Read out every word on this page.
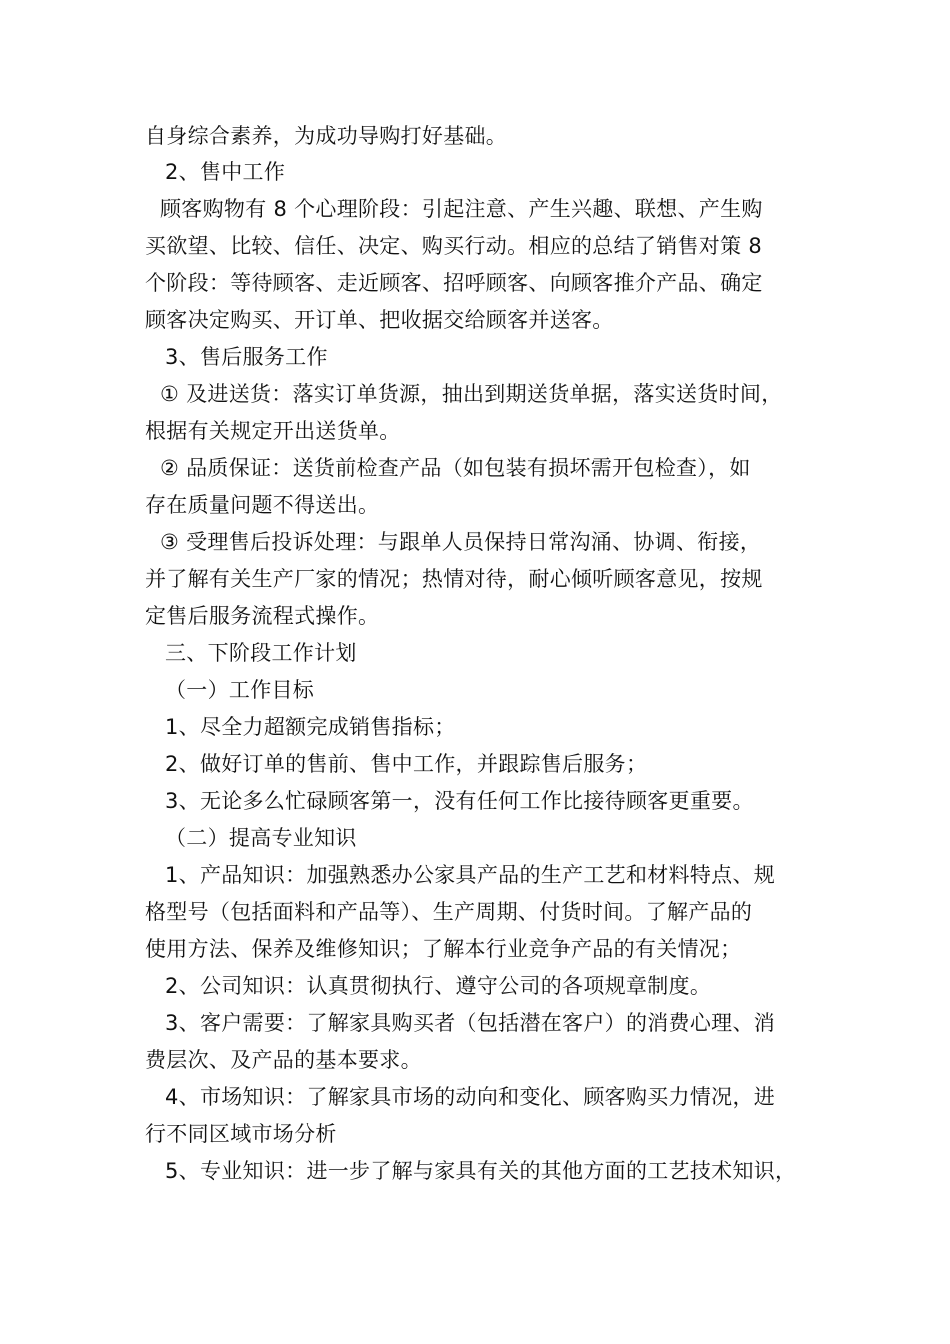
自身综合素养，为成功导购打好基础。
2、售中工作
顾客购物有 8 个心理阶段：引起注意、产生兴趣、联想、产生购
买欲望、比较、信任、决定、购买行动。相应的总结了销售对策 8
个阶段：等待顾客、走近顾客、招呼顾客、向顾客推介产品、确定
顾客决定购买、开订单、把收据交给顾客并送客。
3、售后服务工作
① 及进送货：落实订单货源，抽出到期送货单据，落实送货时间，
根据有关规定开出送货单。
② 品质保证：送货前检查产品（如包装有损坏需开包检查），如
存在质量问题不得送出。
③ 受理售后投诉处理：与跟单人员保持日常沟涌、协调、衔接，
并了解有关生产厂家的情况；热情对待，耐心倾听顾客意见，按规
定售后服务流程式操作。
三、下阶段工作计划
（一）工作目标
1、尽全力超额完成销售指标；
2、做好订单的售前、售中工作，并跟踪售后服务；
3、无论多么忙碌顾客第一，没有任何工作比接待顾客更重要。
（二）提高专业知识
1、产品知识：加强熟悉办公家具产品的生产工艺和材料特点、规
格型号（包括面料和产品等）、生产周期、付货时间。了解产品的
使用方法、保养及维修知识；了解本行业竞争产品的有关情况；
2、公司知识：认真贯彻执行、遵守公司的各项规章制度。
3、客户需要：了解家具购买者（包括潜在客户）的消费心理、消
费层次、及产品的基本要求。
4、市场知识：了解家具市场的动向和变化、顾客购买力情况，进
行不同区域市场分析
5、专业知识：进一步了解与家具有关的其他方面的工艺技术知识，
